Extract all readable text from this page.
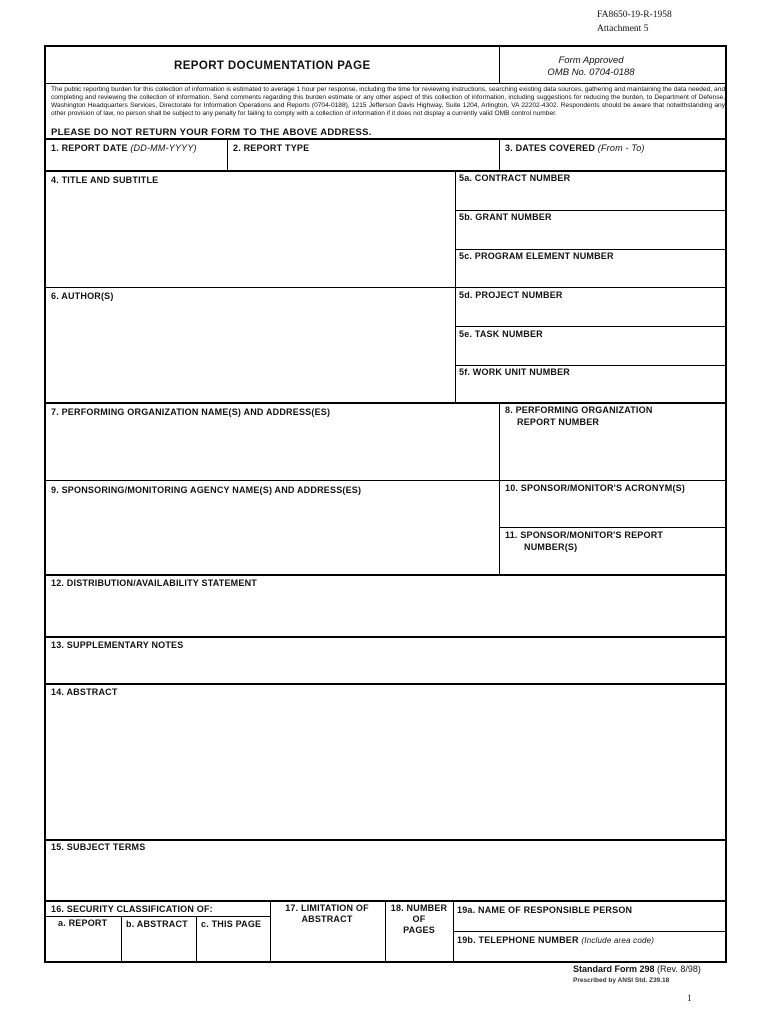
FA8650-19-R-1958
Attachment 5
REPORT DOCUMENTATION PAGE	Form Approved
OMB No. 0704-0188
The public reporting burden for this collection of information is estimated to average 1 hour per response, including the time for reviewing instructions, searching existing data sources, gathering and maintaining the data needed, and completing and reviewing the collection of information. Send comments regarding this burden estimate or any other aspect of this collection of information, including suggestions for reducing the burden, to Department of Defense, Washington Headquarters Services, Directorate for Information Operations and Reports (0704-0188), 1215 Jefferson Davis Highway, Suite 1204, Arlington, VA 22202-4302. Respondents should be aware that notwithstanding any other provision of law, no person shall be subject to any penalty for failing to comply with a collection of information if it does not display a currently valid OMB control number.
PLEASE DO NOT RETURN YOUR FORM TO THE ABOVE ADDRESS.
1. REPORT DATE (DD-MM-YYYY)	2. REPORT TYPE	3. DATES COVERED (From - To)
4. TITLE AND SUBTITLE	5a. CONTRACT NUMBER
5b. GRANT NUMBER
5c. PROGRAM ELEMENT NUMBER
6. AUTHOR(S)	5d. PROJECT NUMBER
5e. TASK NUMBER
5f. WORK UNIT NUMBER
7. PERFORMING ORGANIZATION NAME(S) AND ADDRESS(ES)	8. PERFORMING ORGANIZATION
REPORT NUMBER
9. SPONSORING/MONITORING AGENCY NAME(S) AND ADDRESS(ES)	10. SPONSOR/MONITOR'S ACRONYM(S)
11. SPONSOR/MONITOR'S REPORT
NUMBER(S)
12. DISTRIBUTION/AVAILABILITY STATEMENT
13. SUPPLEMENTARY NOTES
14. ABSTRACT
15. SUBJECT TERMS
16. SECURITY CLASSIFICATION OF:
a. REPORT b. ABSTRACT c. THIS PAGE
17. LIMITATION OF
ABSTRACT
18. NUMBER
OF
PAGES
19a. NAME OF RESPONSIBLE PERSON
19b. TELEPHONE NUMBER (Include area code)
Standard Form 298 (Rev. 8/98)
Prescribed by ANSI Std. Z39.18
1
